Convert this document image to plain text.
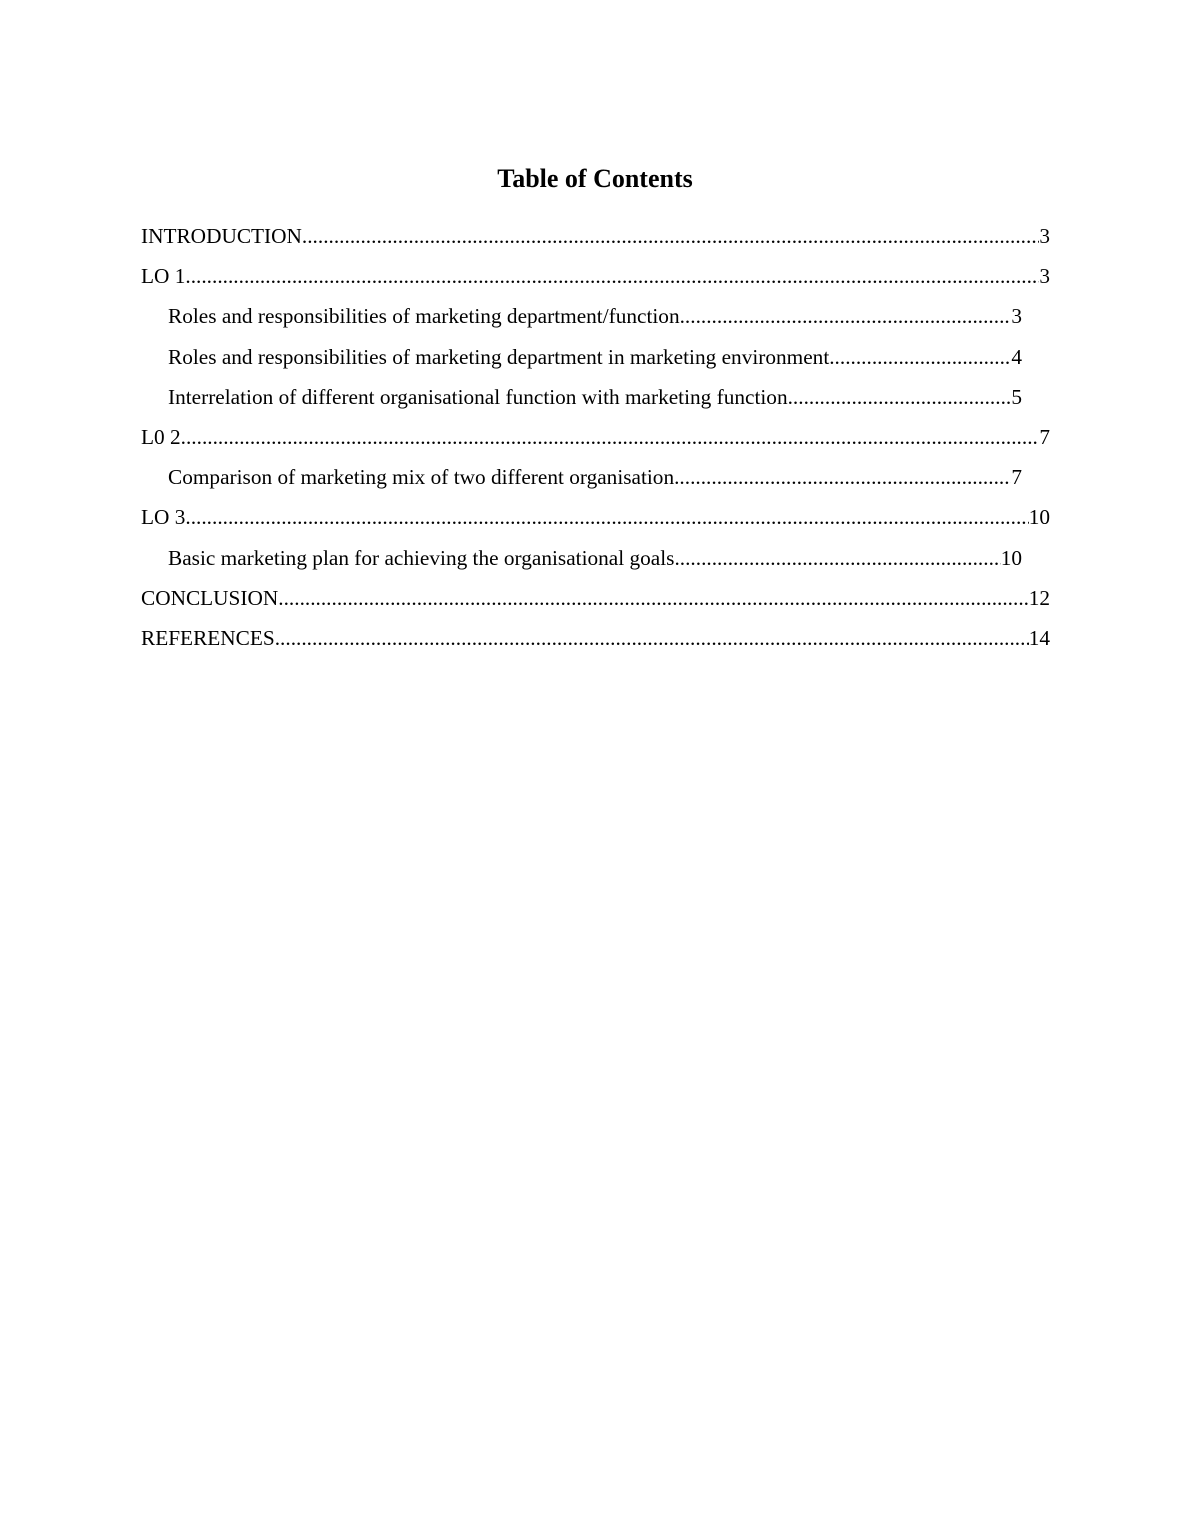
Table of Contents
INTRODUCTION .....	3
LO 1 .....	3
Roles and responsibilities of marketing department/function .....	3
Roles and responsibilities of marketing department in marketing environment .....	4
Interrelation of different organisational function with marketing function .....	5
L0 2 .....	7
Comparison of marketing mix of two different organisation .....	7
LO 3 .....	10
Basic marketing plan for achieving the organisational goals .....	10
CONCLUSION .....	12
REFERENCES .....	14
